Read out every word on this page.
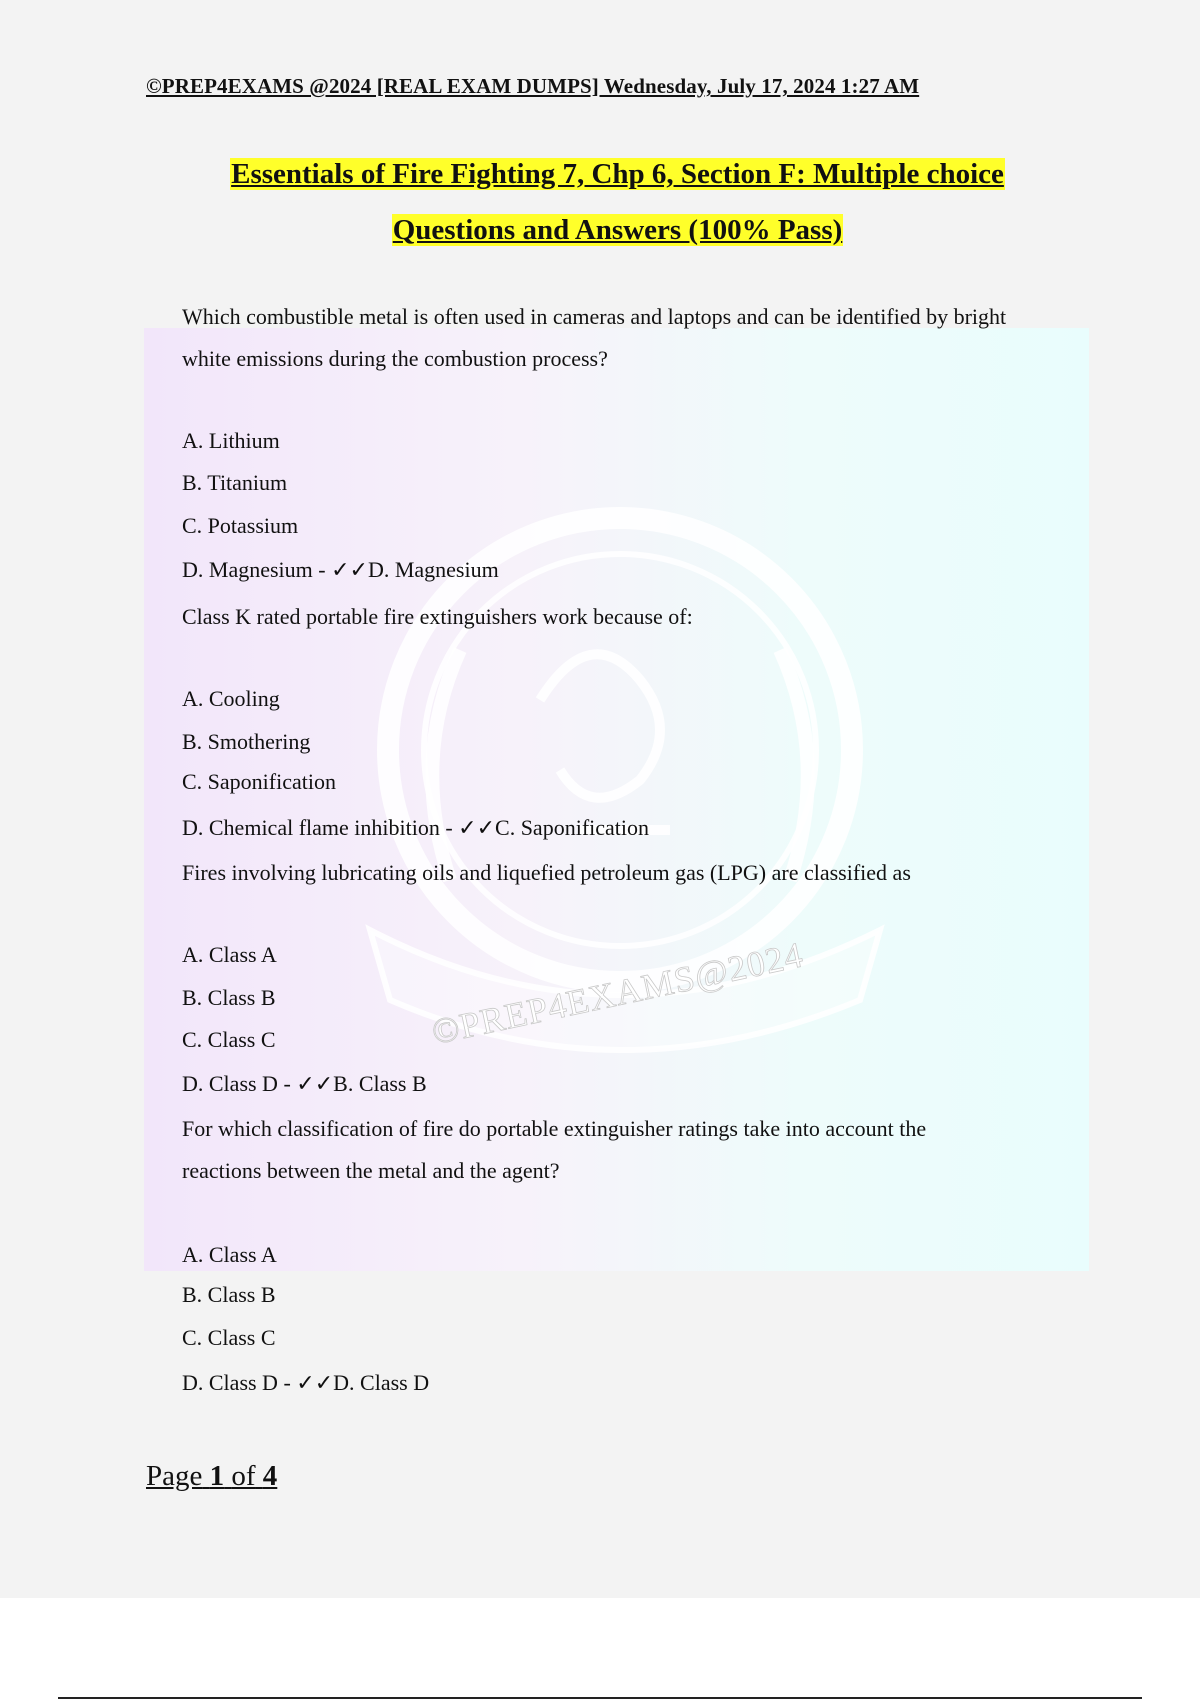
©PREP4EXAMS @2024 [REAL EXAM DUMPS] Wednesday, July 17, 2024 1:27 AM
Essentials of Fire Fighting 7, Chp 6, Section F: Multiple choice
Questions and Answers (100% Pass)
©PREP4EXAMS@2024
Which combustible metal is often used in cameras and laptops and can be identified by bright
white emissions during the combustion process?
A. Lithium
B. Titanium
C. Potassium
D. Magnesium - ✓✓D. Magnesium
Class K rated portable fire extinguishers work because of:
A. Cooling
B. Smothering
C. Saponification
D. Chemical flame inhibition - ✓✓C. Saponification
Fires involving lubricating oils and liquefied petroleum gas (LPG) are classified as
A. Class A
B. Class B
C. Class C
D. Class D - ✓✓B. Class B
For which classification of fire do portable extinguisher ratings take into account the
reactions between the metal and the agent?
A. Class A
B. Class B
C. Class C
D. Class D - ✓✓D. Class D
Page 1 of 4
